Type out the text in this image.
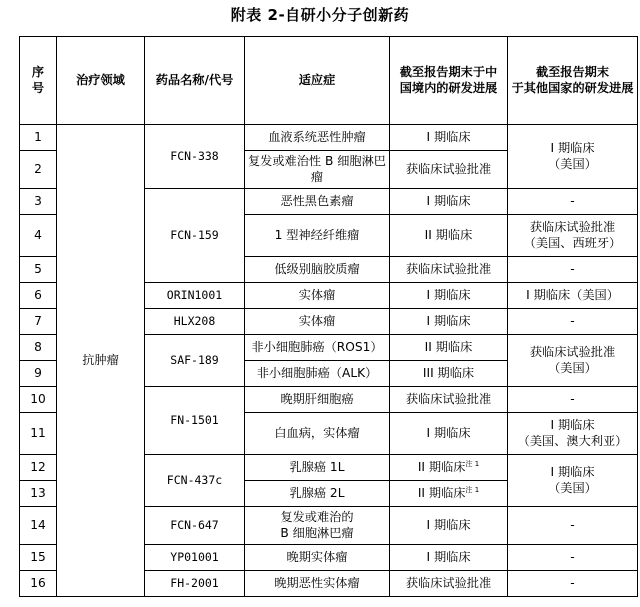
附表 2-自研小分子创新药
序
号	治疗领域	药品名称/代号	适应症	截至报告期末于中
国境内的研发进展	截至报告期末
于其他国家的研发进展
1	抗肿瘤	FCN-338	血液系统恶性肿瘤	I 期临床	I 期临床
（美国）
2			复发或难治性 B 细胞淋巴
瘤	获临床试验批准	
3		FCN-159	恶性黑色素瘤	I 期临床	-
4			1 型神经纤维瘤	II 期临床	获临床试验批准
（美国、西班牙）
5			低级别脑胶质瘤	获临床试验批准	-
6		ORIN1001	实体瘤	I 期临床	I 期临床（美国）
7		HLX208	实体瘤	I 期临床	-
8		SAF-189	非小细胞肺癌（ROS1）	II 期临床	获临床试验批准
（美国）
9			非小细胞肺癌（ALK）	III 期临床	
10		FN-1501	晚期肝细胞癌	获临床试验批准	-
11			白血病，实体瘤	I 期临床	I 期临床
（美国、澳大利亚）
12		FCN-437c	乳腺癌 1L	II 期临床$^{注 1}$	I 期临床
（美国）
13			乳腺癌 2L	II 期临床$^{注 1}$
14		FCN-647	复发或难治的
B 细胞淋巴瘤	I 期临床	-
15		YP01001	晚期实体瘤	I 期临床	-
16		FH-2001	晚期恶性实体瘤	获临床试验批准	-
